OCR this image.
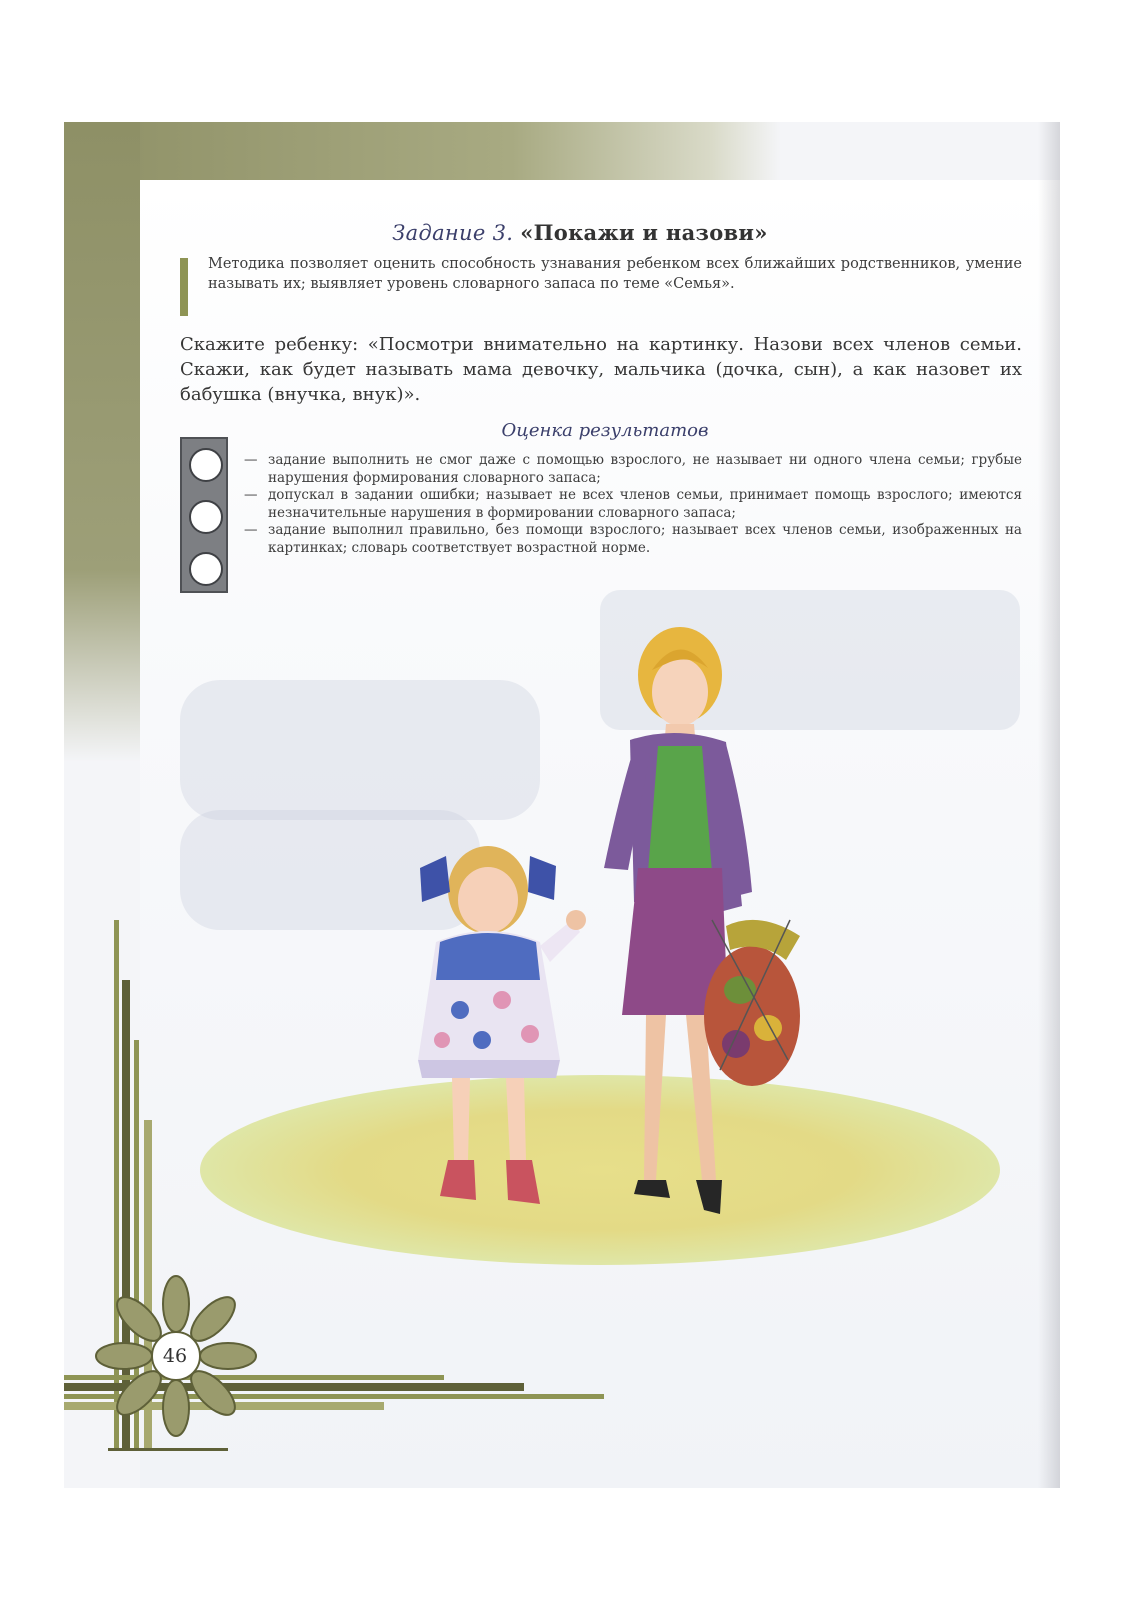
Задание 3. «Покажи и назови»

Методика позволяет оценить способность узнавания ребенком всех ближайших родственников, умение называть их; выявляет уровень словарного запаса по теме «Семья».

Скажите ребенку: «Посмотри внимательно на картинку. Назови всех членов семьи. Скажи, как будет называть мама девочку, мальчика (дочка, сын), а как назовет их бабушка (внучка, внук)».

Оценка результатов

— задание выполнить не смог даже с помощью взрослого, не называет ни одного члена семьи; грубые нарушения формирования словарного запаса;

— допускал в задании ошибки; называет не всех членов семьи, принимает помощь взрослого; имеются незначительные нарушения в формировании словарного запаса;

— задание выполнил правильно, без помощи взрослого; называет всех членов семьи, изображенных на картинках; словарь соответствует возрастной норме.

46
